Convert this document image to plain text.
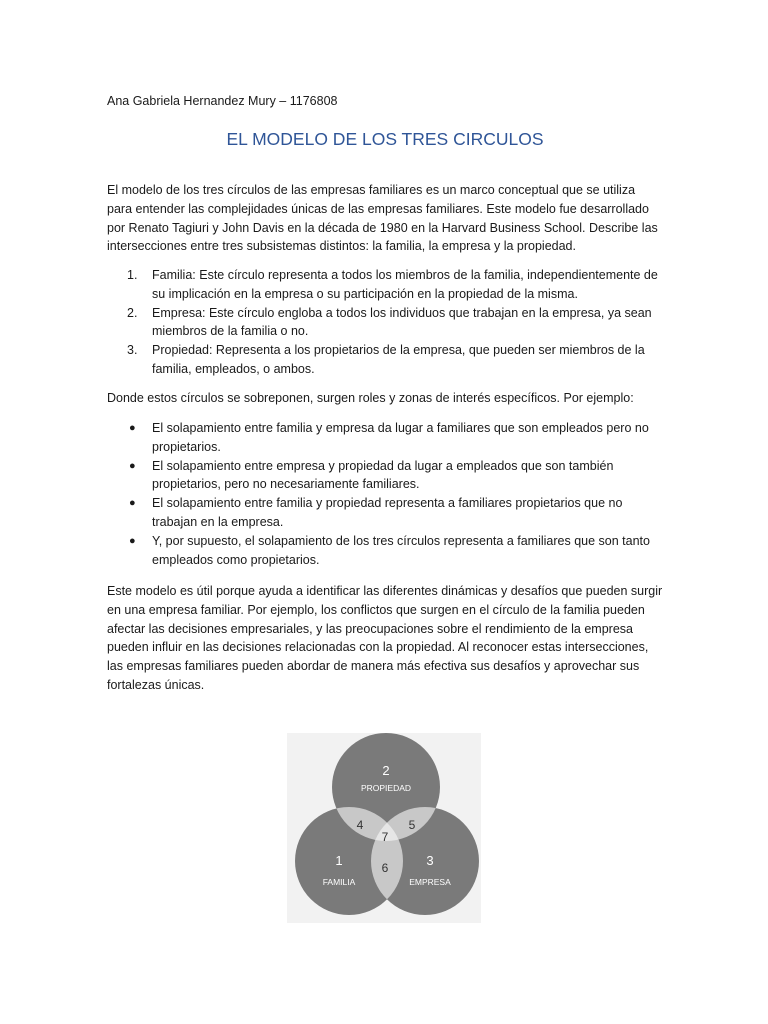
Ana Gabriela Hernandez Mury – 1176808
EL MODELO DE LOS TRES CIRCULOS

El modelo de los tres círculos de las empresas familiares es un marco conceptual que se utiliza para entender las complejidades únicas de las empresas familiares. Este modelo fue desarrollado por Renato Tagiuri y John Davis en la década de 1980 en la Harvard Business School. Describe las intersecciones entre tres subsistemas distintos: la familia, la empresa y la propiedad.

1. Familia: Este círculo representa a todos los miembros de la familia, independientemente de su implicación en la empresa o su participación en la propiedad de la misma.
2. Empresa: Este círculo engloba a todos los individuos que trabajan en la empresa, ya sean miembros de la familia o no.
3. Propiedad: Representa a los propietarios de la empresa, que pueden ser miembros de la familia, empleados, o ambos.

Donde estos círculos se sobreponen, surgen roles y zonas de interés específicos. Por ejemplo:

● El solapamiento entre familia y empresa da lugar a familiares que son empleados pero no propietarios.
● El solapamiento entre empresa y propiedad da lugar a empleados que son también propietarios, pero no necesariamente familiares.
● El solapamiento entre familia y propiedad representa a familiares propietarios que no trabajan en la empresa.
● Y, por supuesto, el solapamiento de los tres círculos representa a familiares que son tanto empleados como propietarios.

Este modelo es útil porque ayuda a identificar las diferentes dinámicas y desafíos que pueden surgir en una empresa familiar. Por ejemplo, los conflictos que surgen en el círculo de la familia pueden afectar las decisiones empresariales, y las preocupaciones sobre el rendimiento de la empresa pueden influir en las decisiones relacionadas con la propiedad. Al reconocer estas intersecciones, las empresas familiares pueden abordar de manera más efectiva sus desafíos y aprovechar sus fortalezas únicas.

2
PROPIEDAD
1
FAMILIA
3
EMPRESA
4	5
6
7
